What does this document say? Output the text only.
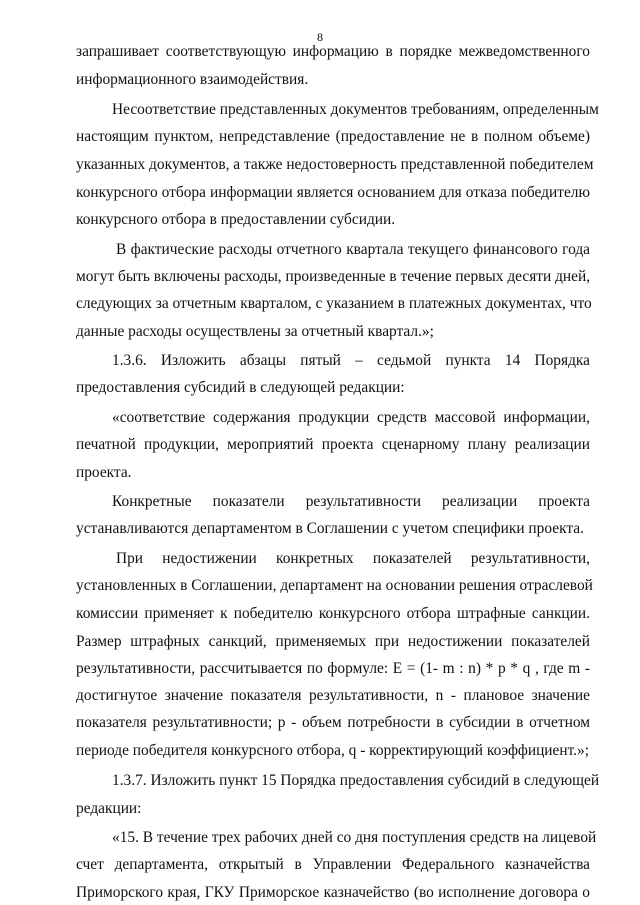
8
запрашивает соответствующую информацию в порядке межведомственного
информационного взаимодействия.
Несоответствие представленных документов требованиям, определенным
настоящим пунктом, непредставление (предоставление не в полном объеме)
указанных документов, а также недостоверность представленной победителем
конкурсного отбора информации является основанием для отказа победителю
конкурсного отбора в предоставлении субсидии.
В фактические расходы отчетного квартала текущего финансового года
могут быть включены расходы, произведенные в течение первых десяти дней,
следующих за отчетным кварталом, с указанием в платежных документах, что
данные расходы осуществлены за отчетный квартал.»;
1.3.6. Изложить абзацы пятый – седьмой пункта 14 Порядка
предоставления субсидий в следующей редакции:
«соответствие содержания продукции средств массовой информации,
печатной продукции, мероприятий проекта сценарному плану реализации
проекта.
Конкретные показатели результативности реализации проекта
устанавливаются департаментом в Соглашении с учетом специфики проекта.
При недостижении конкретных показателей результативности,
установленных в Соглашении, департамент на основании решения отраслевой
комиссии применяет к победителю конкурсного отбора штрафные санкции.
Размер штрафных санкций, применяемых при недостижении показателей
результативности, рассчитывается по формуле: E = (1- m : n) * p * q , где m -
достигнутое значение показателя результативности, n - плановое значение
показателя результативности; p - объем потребности в субсидии в отчетном
периоде победителя конкурсного отбора, q - корректирующий коэффициент.»;
1.3.7. Изложить пункт 15 Порядка предоставления субсидий в следующей
редакции:
«15. В течение трех рабочих дней со дня поступления средств на лицевой
счет департамента, открытый в Управлении Федерального казначейства
Приморского края, ГКУ Приморское казначейство (во исполнение договора о
